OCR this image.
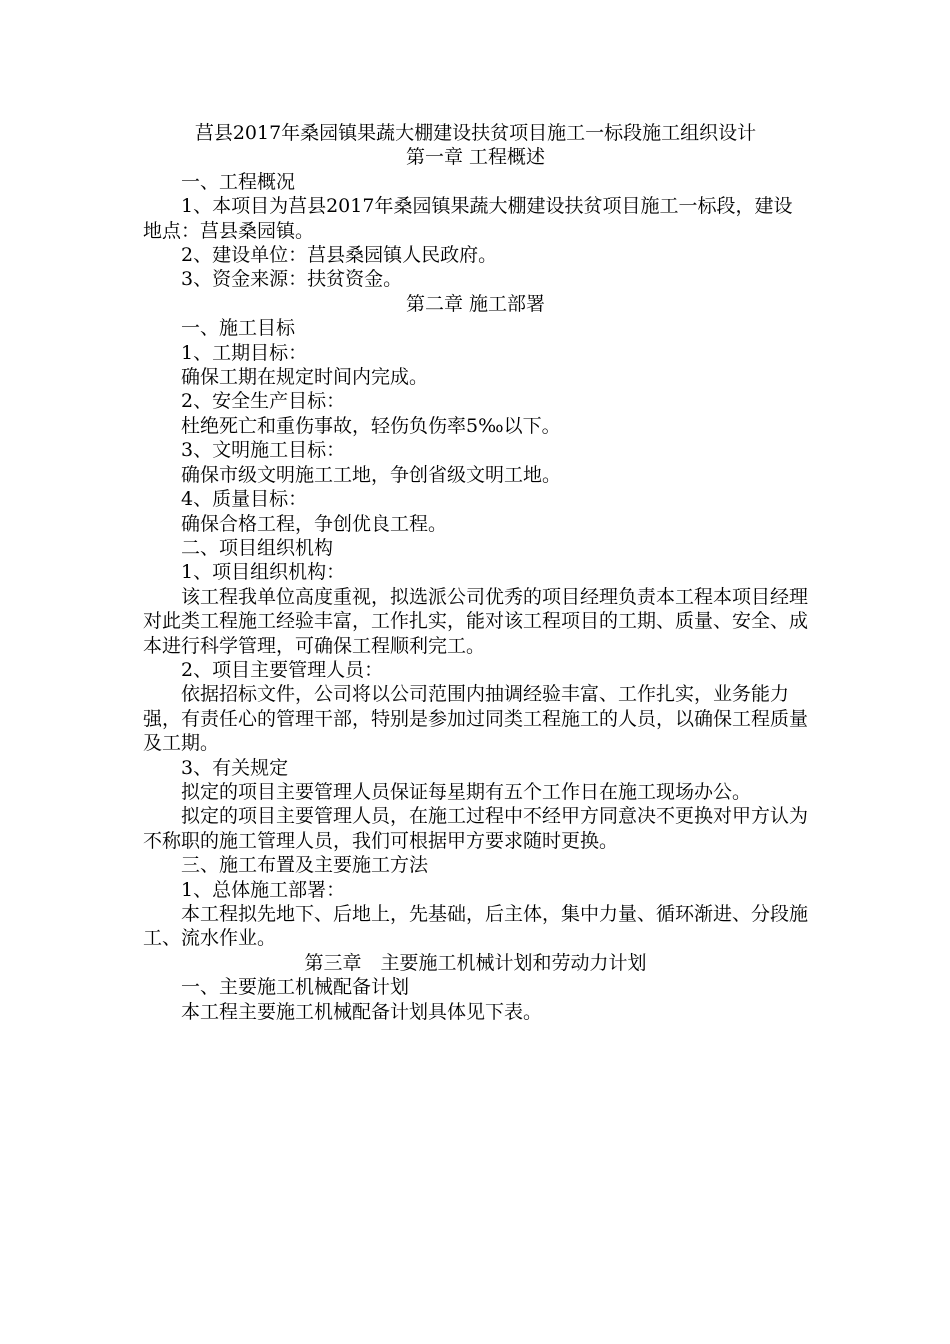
莒县2017年桑园镇果蔬大棚建设扶贫项目施工一标段施工组织设计

第一章 工程概述

一、工程概况

1、本项目为莒县2017年桑园镇果蔬大棚建设扶贫项目施工一标段，建设地点：莒县桑园镇。

2、建设单位：莒县桑园镇人民政府。

3、资金来源：扶贫资金。

第二章 施工部署

一、施工目标

1、工期目标：

确保工期在规定时间内完成。

2、安全生产目标：

杜绝死亡和重伤事故，轻伤负伤率5‰以下。

3、文明施工目标：

确保市级文明施工工地，争创省级文明工地。

4、质量目标：

确保合格工程，争创优良工程。

二、项目组织机构

1、项目组织机构：

该工程我单位高度重视，拟选派公司优秀的项目经理负责本工程本项目经理对此类工程施工经验丰富，工作扎实，能对该工程项目的工期、质量、安全、成本进行科学管理，可确保工程顺利完工。

2、项目主要管理人员：

依据招标文件，公司将以公司范围内抽调经验丰富、工作扎实，业务能力强，有责任心的管理干部，特别是参加过同类工程施工的人员，以确保工程质量及工期。

3、有关规定

拟定的项目主要管理人员保证每星期有五个工作日在施工现场办公。

拟定的项目主要管理人员，在施工过程中不经甲方同意决不更换对甲方认为不称职的施工管理人员，我们可根据甲方要求随时更换。

三、施工布置及主要施工方法

1、总体施工部署：

本工程拟先地下、后地上，先基础，后主体，集中力量、循环渐进、分段施工、流水作业。

第三章　主要施工机械计划和劳动力计划

一、主要施工机械配备计划

本工程主要施工机械配备计划具体见下表。
